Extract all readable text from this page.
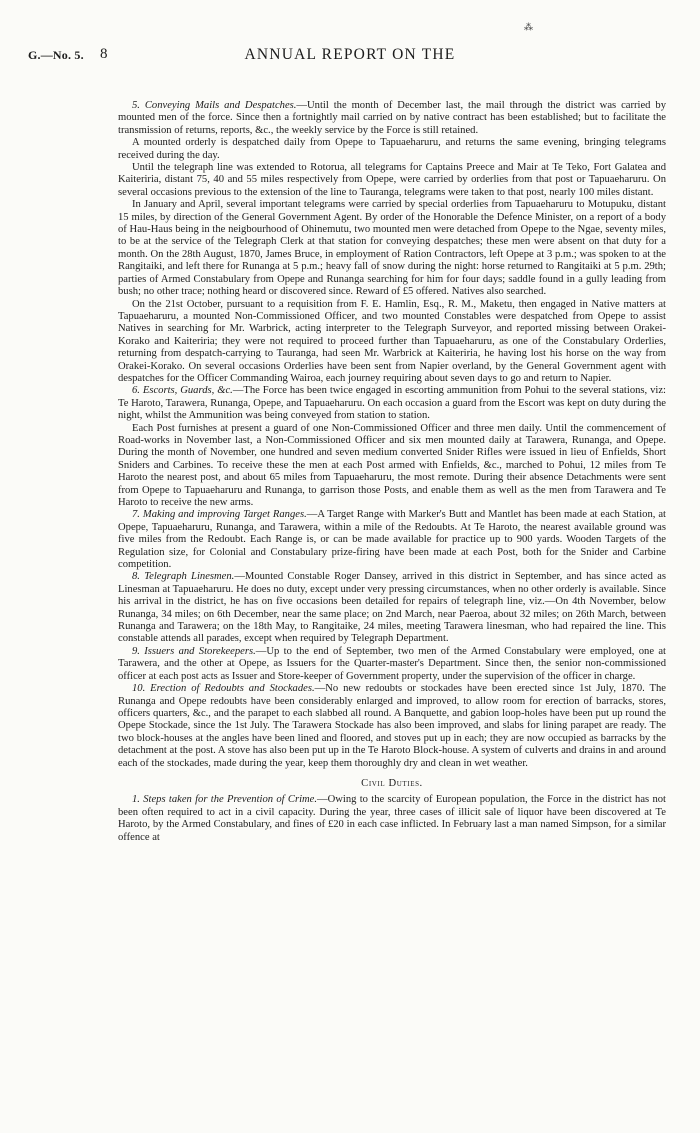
⁂
G.—No. 5. 8	ANNUAL REPORT ON THE

5. Conveying Mails and Despatches.—Until the month of December last, the mail through the district was carried by mounted men of the force. Since then a fortnightly mail carried on by native contract has been established; but to facilitate the transmission of returns, reports, &c., the weekly service by the Force is still retained.

A mounted orderly is despatched daily from Opepe to Tapuaeharuru, and returns the same evening, bringing telegrams received during the day.

Until the telegraph line was extended to Rotorua, all telegrams for Captains Preece and Mair at Te Teko, Fort Galatea and Kaiteriria, distant 75, 40 and 55 miles respectively from Opepe, were carried by orderlies from that post or Tapuaeharuru. On several occasions previous to the extension of the line to Tauranga, telegrams were taken to that post, nearly 100 miles distant.

In January and April, several important telegrams were carried by special orderlies from Tapuaeharuru to Motupuku, distant 15 miles, by direction of the General Government Agent. By order of the Honorable the Defence Minister, on a report of a body of Hau-Haus being in the neigbourhood of Ohinemutu, two mounted men were detached from Opepe to the Ngae, seventy miles, to be at the service of the Telegraph Clerk at that station for conveying despatches; these men were absent on that duty for a month. On the 28th August, 1870, James Bruce, in employment of Ration Contractors, left Opepe at 3 p.m.; was spoken to at the Rangitaiki, and left there for Runanga at 5 p.m.; heavy fall of snow during the night: horse returned to Rangitaiki at 5 p.m. 29th; parties of Armed Constabulary from Opepe and Runanga searching for him for four days; saddle found in a gully leading from bush; no other trace; nothing heard or discovered since. Reward of £5 offered. Natives also searched.

On the 21st October, pursuant to a requisition from F. E. Hamlin, Esq., R. M., Maketu, then engaged in Native matters at Tapuaeharuru, a mounted Non-Commissioned Officer, and two mounted Constables were despatched from Opepe to assist Natives in searching for Mr. Warbrick, acting interpreter to the Telegraph Surveyor, and reported missing between Orakei-Korako and Kaiteriria; they were not required to proceed further than Tapuaeharuru, as one of the Constabulary Orderlies, returning from despatch-carrying to Tauranga, had seen Mr. Warbrick at Kaiteriria, he having lost his horse on the way from Orakei-Korako. On several occasions Orderlies have been sent from Napier overland, by the General Government agent with despatches for the Officer Commanding Wairoa, each journey requiring about seven days to go and return to Napier.

6. Escorts, Guards, &c.—The Force has been twice engaged in escorting ammunition from Pohui to the several stations, viz: Te Haroto, Tarawera, Runanga, Opepe, and Tapuaeharuru. On each occasion a guard from the Escort was kept on duty during the night, whilst the Ammunition was being conveyed from station to station.

Each Post furnishes at present a guard of one Non-Commissioned Officer and three men daily. Until the commencement of Road-works in November last, a Non-Commissioned Officer and six men mounted daily at Tarawera, Runanga, and Opepe. During the month of November, one hundred and seven medium converted Snider Rifles were issued in lieu of Enfields, Short Sniders and Carbines. To receive these the men at each Post armed with Enfields, &c., marched to Pohui, 12 miles from Te Haroto the nearest post, and about 65 miles from Tapuaeharuru, the most remote. During their absence Detachments were sent from Opepe to Tapuaeharuru and Runanga, to garrison those Posts, and enable them as well as the men from Tarawera and Te Haroto to receive the new arms.

7. Making and improving Target Ranges.—A Target Range with Marker's Butt and Mantlet has been made at each Station, at Opepe, Tapuaeharuru, Runanga, and Tarawera, within a mile of the Redoubts. At Te Haroto, the nearest available ground was five miles from the Redoubt. Each Range is, or can be made available for practice up to 900 yards. Wooden Targets of the Regulation size, for Colonial and Constabulary prize-firing have been made at each Post, both for the Snider and Carbine competition.

8. Telegraph Linesmen.—Mounted Constable Roger Dansey, arrived in this district in September, and has since acted as Linesman at Tapuaeharuru. He does no duty, except under very pressing circumstances, when no other orderly is available. Since his arrival in the district, he has on five occasions been detailed for repairs of telegraph line, viz.—On 4th November, below Runanga, 34 miles; on 6th December, near the same place; on 2nd March, near Paeroa, about 32 miles; on 26th March, between Runanga and Tarawera; on the 18th May, to Rangitaike, 24 miles, meeting Tarawera linesman, who had repaired the line. This constable attends all parades, except when required by Telegraph Department.

9. Issuers and Storekeepers.—Up to the end of September, two men of the Armed Constabulary were employed, one at Tarawera, and the other at Opepe, as Issuers for the Quarter-master's Department. Since then, the senior non-commissioned officer at each post acts as Issuer and Store-keeper of Government property, under the supervision of the officer in charge.

10. Erection of Redoubts and Stockades.—No new redoubts or stockades have been erected since 1st July, 1870. The Runanga and Opepe redoubts have been considerably enlarged and improved, to allow room for erection of barracks, stores, officers quarters, &c., and the parapet to each slabbed all round. A Banquette, and gabion loop-holes have been put up round the Opepe Stockade, since the 1st July. The Tarawera Stockade has also been improved, and slabs for lining parapet are ready. The two block-houses at the angles have been lined and floored, and stoves put up in each; they are now occupied as barracks by the detachment at the post. A stove has also been put up in the Te Haroto Block-house. A system of culverts and drains in and around each of the stockades, made during the year, keep them thoroughly dry and clean in wet weather.

Civil Duties.

1. Steps taken for the Prevention of Crime.—Owing to the scarcity of European population, the Force in the district has not been often required to act in a civil capacity. During the year, three cases of illicit sale of liquor have been discovered at Te Haroto, by the Armed Constabulary, and fines of £20 in each case inflicted. In February last a man named Simpson, for a similar offence at
